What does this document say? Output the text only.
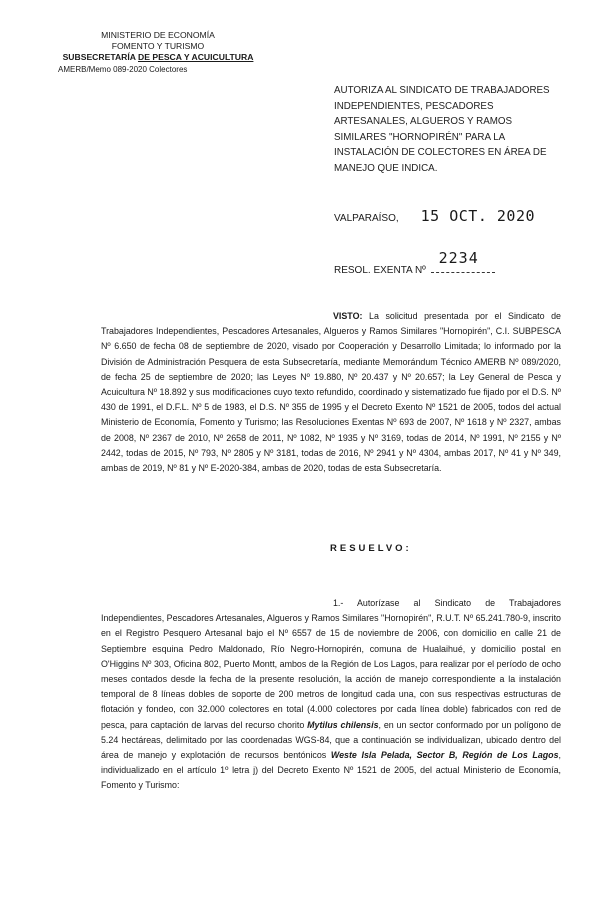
MINISTERIO DE ECONOMÍA
FOMENTO Y TURISMO
SUBSECRETARÍA DE PESCA Y ACUICULTURA
AMERB/Memo 089-2020 Colectores
AUTORIZA AL SINDICATO DE TRABAJADORES INDEPENDIENTES, PESCADORES ARTESANALES, ALGUEROS Y RAMOS SIMILARES "HORNOPIRÉN" PARA LA INSTALACIÓN DE COLECTORES EN ÁREA DE MANEJO QUE INDICA.
VALPARAÍSO, 15 OCT. 2020
RESOL. EXENTA Nº
2234
VISTO: La solicitud presentada por el Sindicato de Trabajadores Independientes, Pescadores Artesanales, Algueros y Ramos Similares "Hornopirén", C.I. SUBPESCA Nº 6.650 de fecha 08 de septiembre de 2020, visado por Cooperación y Desarrollo Limitada; lo informado por la División de Administración Pesquera de esta Subsecretaría, mediante Memorándum Técnico AMERB Nº 089/2020, de fecha 25 de septiembre de 2020; las Leyes Nº 19.880, Nº 20.437 y Nº 20.657; la Ley General de Pesca y Acuicultura Nº 18.892 y sus modificaciones cuyo texto refundido, coordinado y sistematizado fue fijado por el D.S. Nº 430 de 1991, el D.F.L. Nº 5 de 1983, el D.S. Nº 355 de 1995 y el Decreto Exento Nº 1521 de 2005, todos del actual Ministerio de Economía, Fomento y Turismo; las Resoluciones Exentas Nº 693 de 2007, Nº 1618 y Nº 2327, ambas de 2008, Nº 2367 de 2010, Nº 2658 de 2011, Nº 1082, Nº 1935 y Nº 3169, todas de 2014, Nº 1991, Nº 2155 y Nº 2442, todas de 2015, Nº 793, Nº 2805 y Nº 3181, todas de 2016, Nº 2941 y Nº 4304, ambas 2017, Nº 41 y Nº 349, ambas de 2019, Nº 81 y Nº E-2020-384, ambas de 2020, todas de esta Subsecretaría.
RESUELVO:
1.- Autorízase al Sindicato de Trabajadores Independientes, Pescadores Artesanales, Algueros y Ramos Similares "Hornopirén", R.U.T. Nº 65.241.780-9, inscrito en el Registro Pesquero Artesanal bajo el Nº 6557 de 15 de noviembre de 2006, con domicilio en calle 21 de Septiembre esquina Pedro Maldonado, Río Negro-Hornopirén, comuna de Hualaihué, y domicilio postal en O'Higgins Nº 303, Oficina 802, Puerto Montt, ambos de la Región de Los Lagos, para realizar por el período de ocho meses contados desde la fecha de la presente resolución, la acción de manejo correspondiente a la instalación temporal de 8 líneas dobles de soporte de 200 metros de longitud cada una, con sus respectivas estructuras de flotación y fondeo, con 32.000 colectores en total (4.000 colectores por cada línea doble) fabricados con red de pesca, para captación de larvas del recurso chorito Mytilus chilensis, en un sector conformado por un polígono de 5.24 hectáreas, delimitado por las coordenadas WGS-84, que a continuación se individualizan, ubicado dentro del área de manejo y explotación de recursos bentónicos Weste Isla Pelada, Sector B, Región de Los Lagos, individualizado en el artículo 1º letra j) del Decreto Exento Nº 1521 de 2005, del actual Ministerio de Economía, Fomento y Turismo:
